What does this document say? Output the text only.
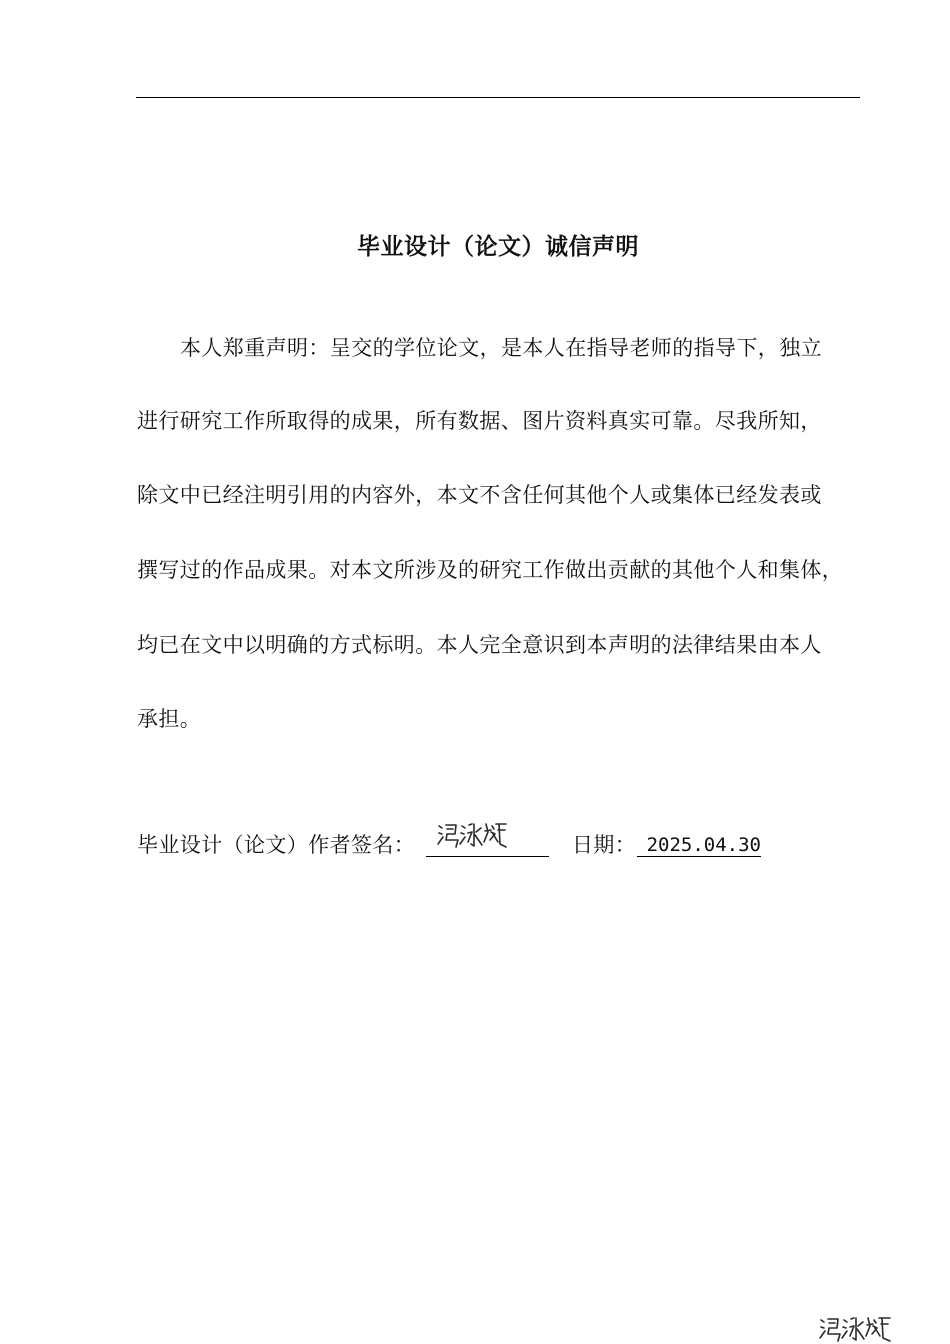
毕业设计（论文）诚信声明
本人郑重声明：呈交的学位论文，是本人在指导老师的指导下，独立
进行研究工作所取得的成果，所有数据、图片资料真实可靠。尽我所知，
除文中已经注明引用的内容外，本文不含任何其他个人或集体已经发表或
撰写过的作品成果。对本文所涉及的研究工作做出贡献的其他个人和集体，
均已在文中以明确的方式标明。本人完全意识到本声明的法律结果由本人
承担。
毕业设计（论文）作者签名：	日期： 2025.04.30
